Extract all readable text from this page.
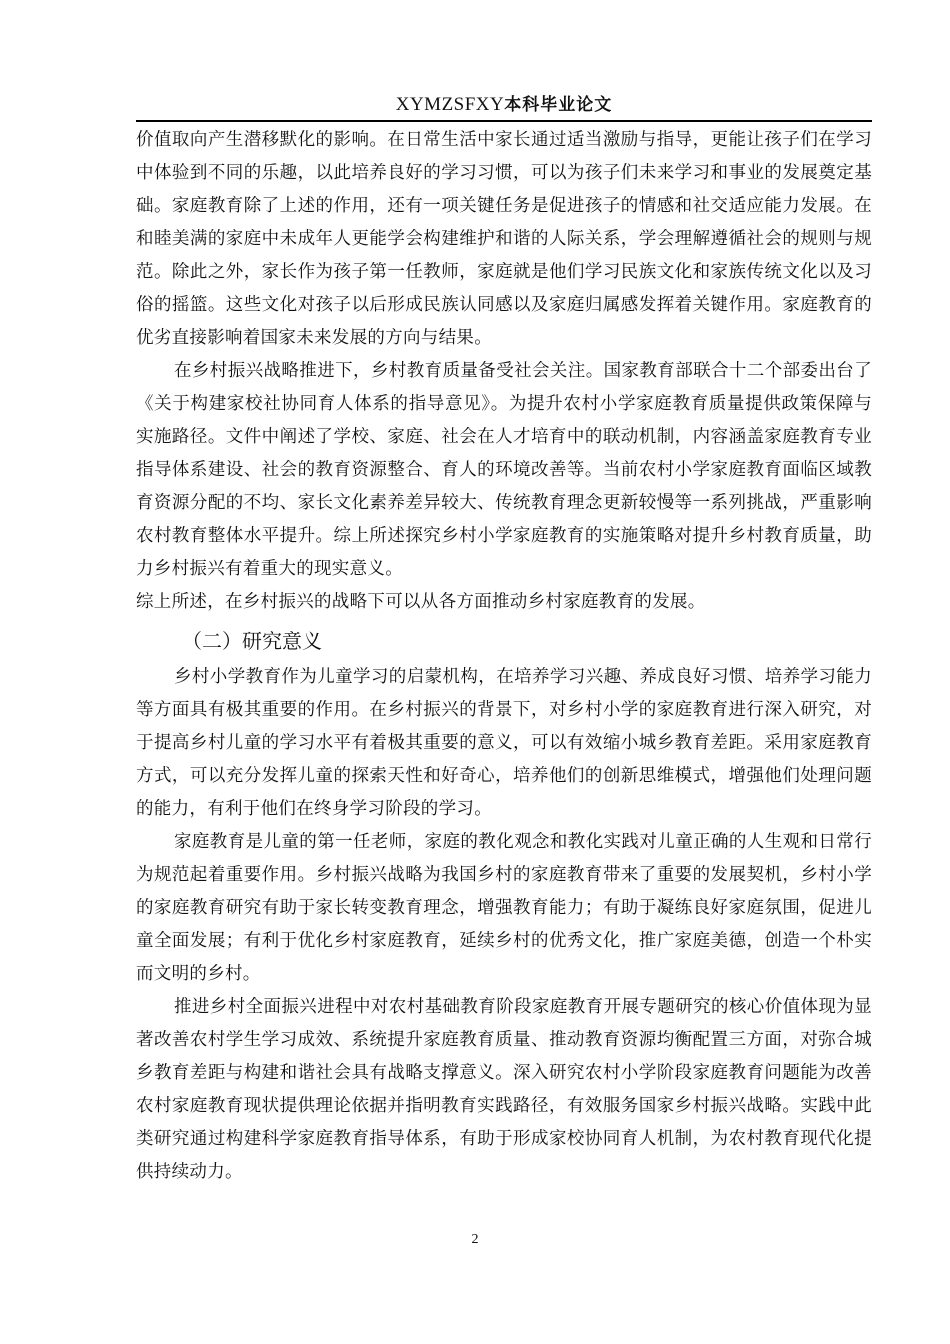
XYMZSFXY本科毕业论文

价值取向产生潜移默化的影响。在日常生活中家长通过适当激励与指导，更能让孩子们在学习中体验到不同的乐趣，以此培养良好的学习习惯，可以为孩子们未来学习和事业的发展奠定基础。家庭教育除了上述的作用，还有一项关键任务是促进孩子的情感和社交适应能力发展。在和睦美满的家庭中未成年人更能学会构建维护和谐的人际关系，学会理解遵循社会的规则与规范。除此之外，家长作为孩子第一任教师，家庭就是他们学习民族文化和家族传统文化以及习俗的摇篮。这些文化对孩子以后形成民族认同感以及家庭归属感发挥着关键作用。家庭教育的优劣直接影响着国家未来发展的方向与结果。

在乡村振兴战略推进下，乡村教育质量备受社会关注。国家教育部联合十二个部委出台了《关于构建家校社协同育人体系的指导意见》。为提升农村小学家庭教育质量提供政策保障与实施路径。文件中阐述了学校、家庭、社会在人才培育中的联动机制，内容涵盖家庭教育专业指导体系建设、社会的教育资源整合、育人的环境改善等。当前农村小学家庭教育面临区域教育资源分配的不均、家长文化素养差异较大、传统教育理念更新较慢等一系列挑战，严重影响农村教育整体水平提升。综上所述探究乡村小学家庭教育的实施策略对提升乡村教育质量，助力乡村振兴有着重大的现实意义。

综上所述，在乡村振兴的战略下可以从各方面推动乡村家庭教育的发展。

（二）研究意义

乡村小学教育作为儿童学习的启蒙机构，在培养学习兴趣、养成良好习惯、培养学习能力等方面具有极其重要的作用。在乡村振兴的背景下，对乡村小学的家庭教育进行深入研究，对于提高乡村儿童的学习水平有着极其重要的意义，可以有效缩小城乡教育差距。采用家庭教育方式，可以充分发挥儿童的探索天性和好奇心，培养他们的创新思维模式，增强他们处理问题的能力，有利于他们在终身学习阶段的学习。

家庭教育是儿童的第一任老师，家庭的教化观念和教化实践对儿童正确的人生观和日常行为规范起着重要作用。乡村振兴战略为我国乡村的家庭教育带来了重要的发展契机，乡村小学的家庭教育研究有助于家长转变教育理念，增强教育能力；有助于凝练良好家庭氛围，促进儿童全面发展；有利于优化乡村家庭教育，延续乡村的优秀文化，推广家庭美德，创造一个朴实而文明的乡村。

推进乡村全面振兴进程中对农村基础教育阶段家庭教育开展专题研究的核心价值体现为显著改善农村学生学习成效、系统提升家庭教育质量、推动教育资源均衡配置三方面，对弥合城乡教育差距与构建和谐社会具有战略支撑意义。深入研究农村小学阶段家庭教育问题能为改善农村家庭教育现状提供理论依据并指明教育实践路径，有效服务国家乡村振兴战略。实践中此类研究通过构建科学家庭教育指导体系，有助于形成家校协同育人机制，为农村教育现代化提供持续动力。

2
